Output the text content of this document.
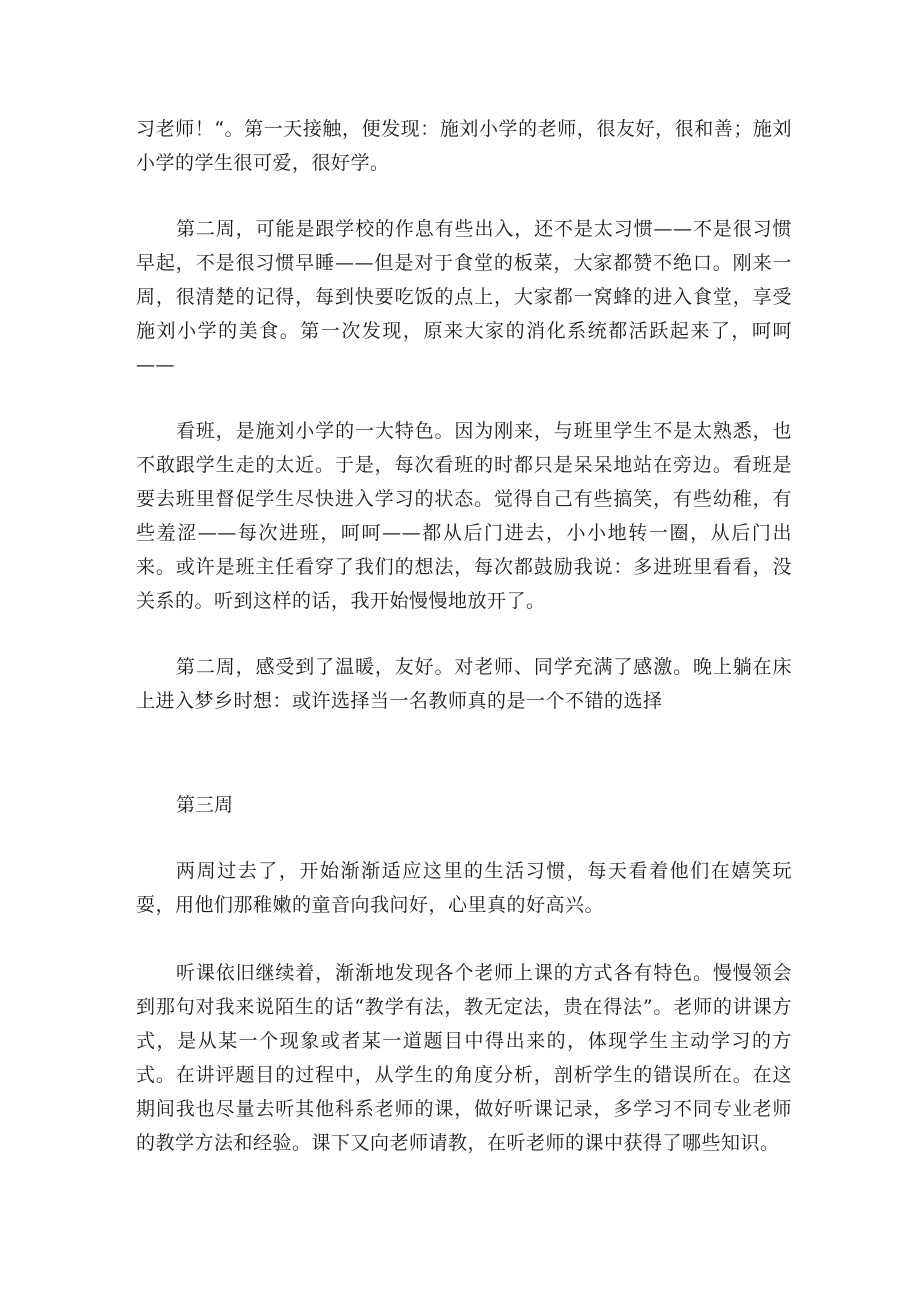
习老师！“。第一天接触，便发现：施刘小学的老师，很友好，很和善；施刘小学的学生很可爱，很好学。

第二周，可能是跟学校的作息有些出入，还不是太习惯——不是很习惯早起，不是很习惯早睡——但是对于食堂的板菜，大家都赞不绝口。刚来一周，很清楚的记得，每到快要吃饭的点上，大家都一窝蜂的进入食堂，享受施刘小学的美食。第一次发现，原来大家的消化系统都活跃起来了，呵呵——

看班，是施刘小学的一大特色。因为刚来，与班里学生不是太熟悉，也不敢跟学生走的太近。于是，每次看班的时都只是呆呆地站在旁边。看班是要去班里督促学生尽快进入学习的状态。觉得自己有些搞笑，有些幼稚，有些羞涩——每次进班，呵呵——都从后门进去，小小地转一圈，从后门出来。或许是班主任看穿了我们的想法，每次都鼓励我说：多进班里看看，没关系的。听到这样的话，我开始慢慢地放开了。

第二周，感受到了温暖，友好。对老师、同学充满了感激。晚上躺在床上进入梦乡时想：或许选择当一名教师真的是一个不错的选择

第三周

两周过去了，开始渐渐适应这里的生活习惯，每天看着他们在嬉笑玩耍，用他们那稚嫩的童音向我问好，心里真的好高兴。

听课依旧继续着，渐渐地发现各个老师上课的方式各有特色。慢慢领会到那句对我来说陌生的话“教学有法，教无定法，贵在得法”。老师的讲课方式，是从某一个现象或者某一道题目中得出来的，体现学生主动学习的方式。在讲评题目的过程中，从学生的角度分析，剖析学生的错误所在。在这期间我也尽量去听其他科系老师的课，做好听课记录，多学习不同专业老师的教学方法和经验。课下又向老师请教，在听老师的课中获得了哪些知识。
